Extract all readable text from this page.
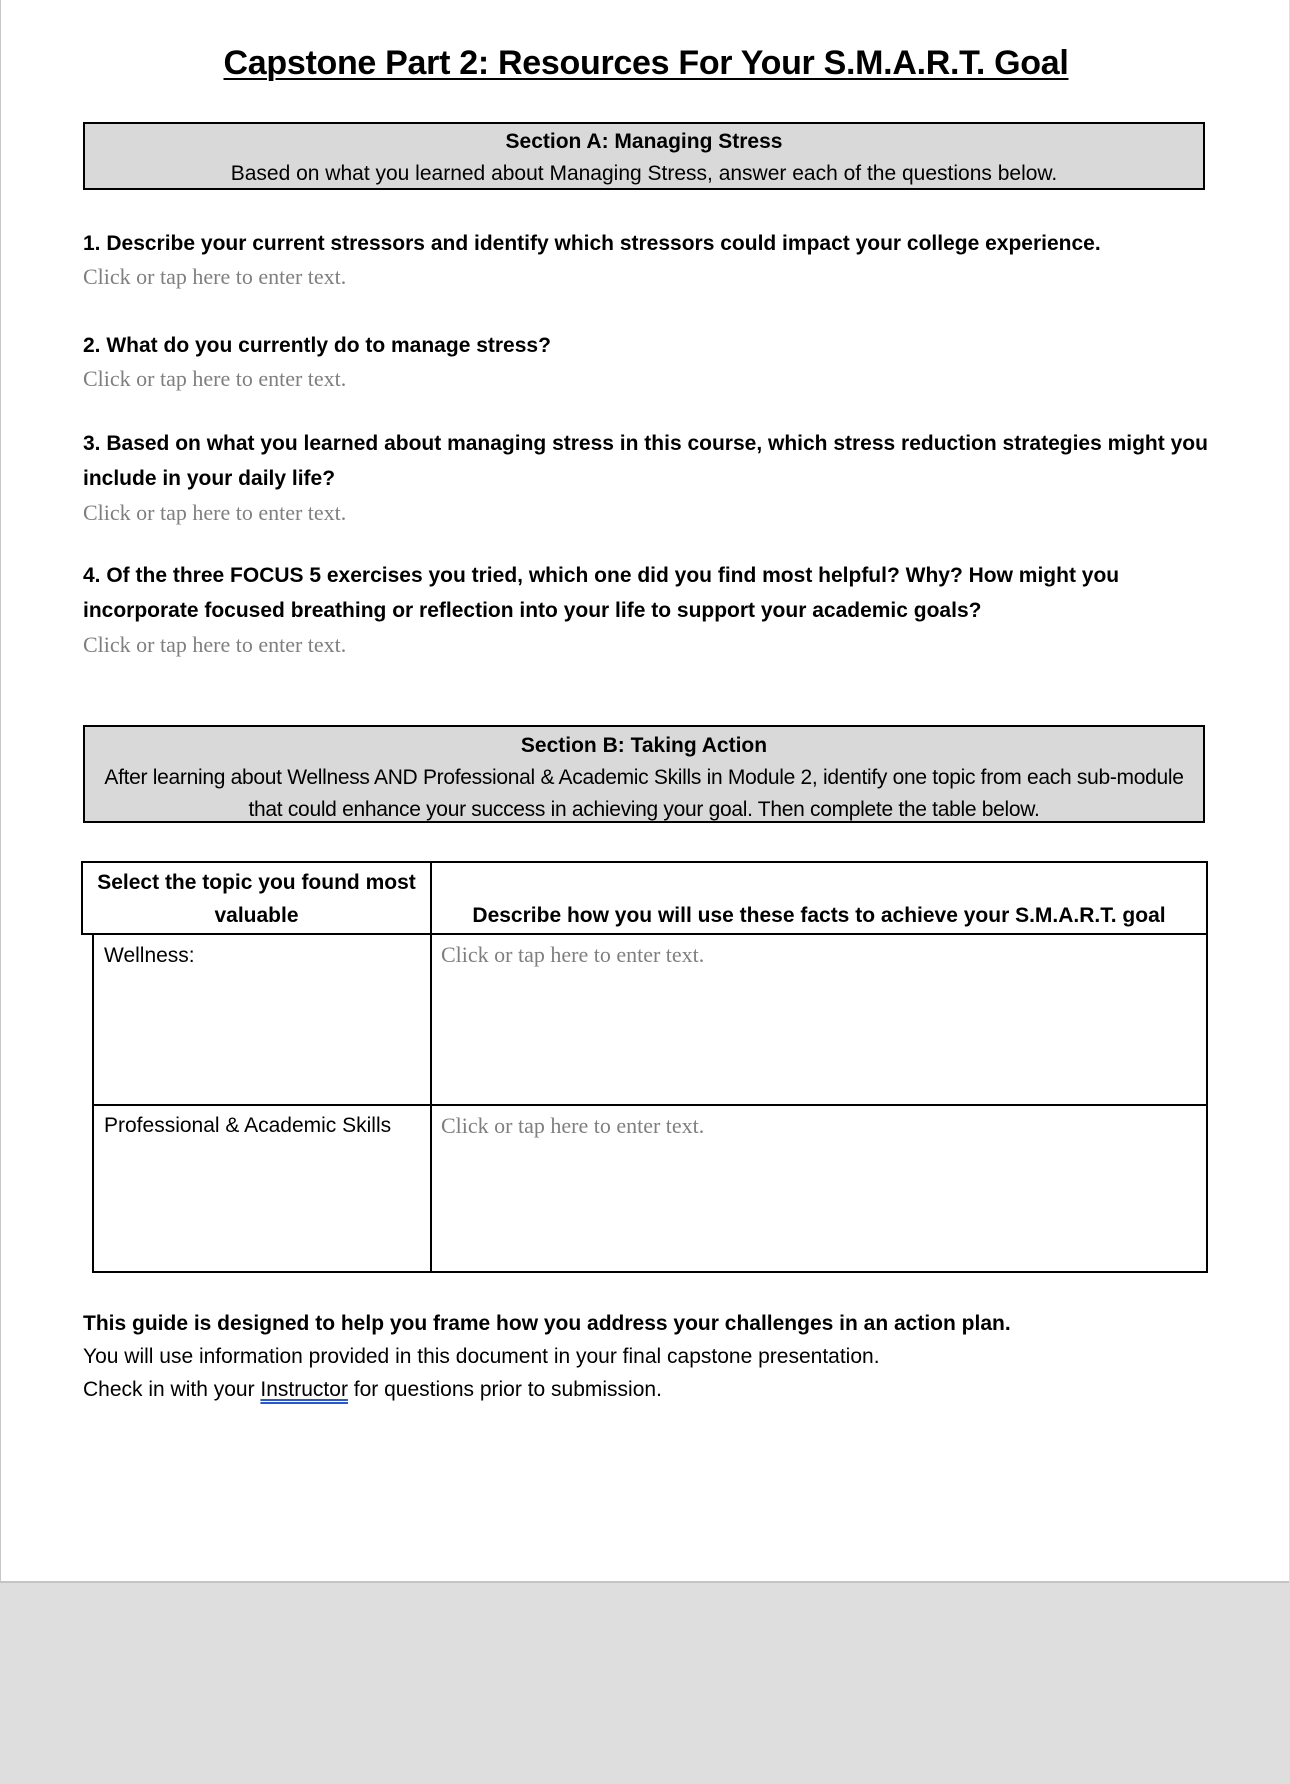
Capstone Part 2: Resources For Your S.M.A.R.T. Goal
Section A: Managing Stress
Based on what you learned about Managing Stress, answer each of the questions below.
1. Describe your current stressors and identify which stressors could impact your college experience.
Click or tap here to enter text.
2. What do you currently do to manage stress?
Click or tap here to enter text.
3. Based on what you learned about managing stress in this course, which stress reduction strategies might you include in your daily life?
Click or tap here to enter text.
4. Of the three FOCUS 5 exercises you tried, which one did you find most helpful? Why? How might you incorporate focused breathing or reflection into your life to support your academic goals?
Click or tap here to enter text.
Section B: Taking Action
After learning about Wellness AND Professional & Academic Skills in Module 2, identify one topic from each sub-module that could enhance your success in achieving your goal. Then complete the table below.
Select the topic you found most valuable	Describe how you will use these facts to achieve your S.M.A.R.T. goal
Wellness:	Click or tap here to enter text.
Professional & Academic Skills Click or tap here to enter text.
This guide is designed to help you frame how you address your challenges in an action plan.
You will use information provided in this document in your final capstone presentation.
Check in with your Instructor for questions prior to submission.
